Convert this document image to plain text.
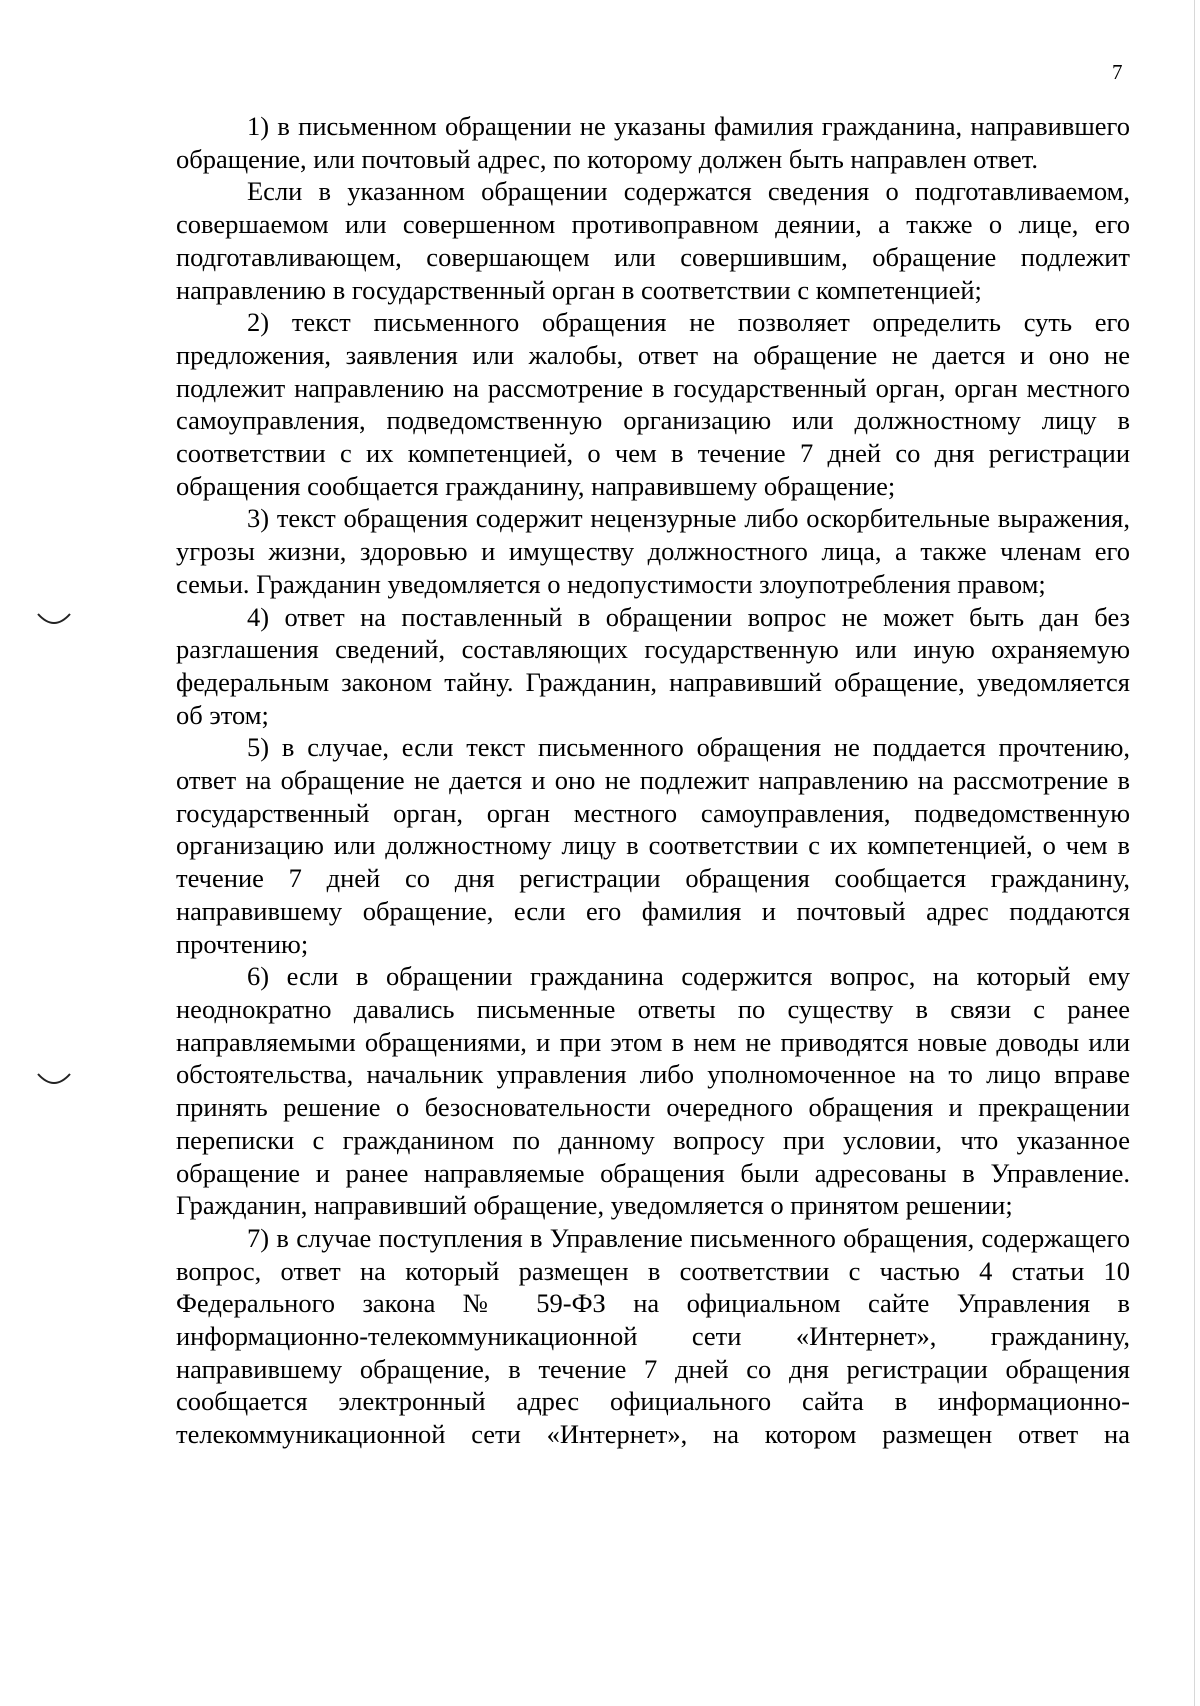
7

1) в письменном обращении не указаны фамилия гражданина, направившего обращение, или почтовый адрес, по которому должен быть направлен ответ.

Если в указанном обращении содержатся сведения о подготавливаемом, совершаемом или совершенном противоправном деянии, а также о лице, его подготавливающем, совершающем или совершившим, обращение подлежит направлению в государственный орган в соответствии с компетенцией;

2) текст письменного обращения не позволяет определить суть его предложения, заявления или жалобы, ответ на обращение не дается и оно не подлежит направлению на рассмотрение в государственный орган, орган местного самоуправления, подведомственную организацию или должностному лицу в соответствии с их компетенцией, о чем в течение 7 дней со дня регистрации обращения сообщается гражданину, направившему обращение;

3) текст обращения содержит нецензурные либо оскорбительные выражения, угрозы жизни, здоровью и имуществу должностного лица, а также членам его семьи. Гражданин уведомляется о недопустимости злоупотребления правом;

4) ответ на поставленный в обращении вопрос не может быть дан без разглашения сведений, составляющих государственную или иную охраняемую федеральным законом тайну. Гражданин, направивший обращение, уведомляется об этом;

5) в случае, если текст письменного обращения не поддается прочтению, ответ на обращение не дается и оно не подлежит направлению на рассмотрение в государственный орган, орган местного самоуправления, подведомственную организацию или должностному лицу в соответствии с их компетенцией, о чем в течение 7 дней со дня регистрации обращения сообщается гражданину, направившему обращение, если его фамилия и почтовый адрес поддаются прочтению;

6) если в обращении гражданина содержится вопрос, на который ему неоднократно давались письменные ответы по существу в связи с ранее направляемыми обращениями, и при этом в нем не приводятся новые доводы или обстоятельства, начальник управления либо уполномоченное на то лицо вправе принять решение о безосновательности очередного обращения и прекращении переписки с гражданином по данному вопросу при условии, что указанное обращение и ранее направляемые обращения были адресованы в Управление. Гражданин, направивший обращение, уведомляется о принятом решении;

7) в случае поступления в Управление письменного обращения, содержащего вопрос, ответ на который размещен в соответствии с частью 4 статьи 10 Федерального закона № 59-ФЗ на официальном сайте Управления в информационно-телекоммуникационной сети «Интернет», гражданину, направившему обращение, в течение 7 дней со дня регистрации обращения сообщается электронный адрес официального сайта в информационно-телекоммуникационной сети «Интернет», на котором размещен ответ на
